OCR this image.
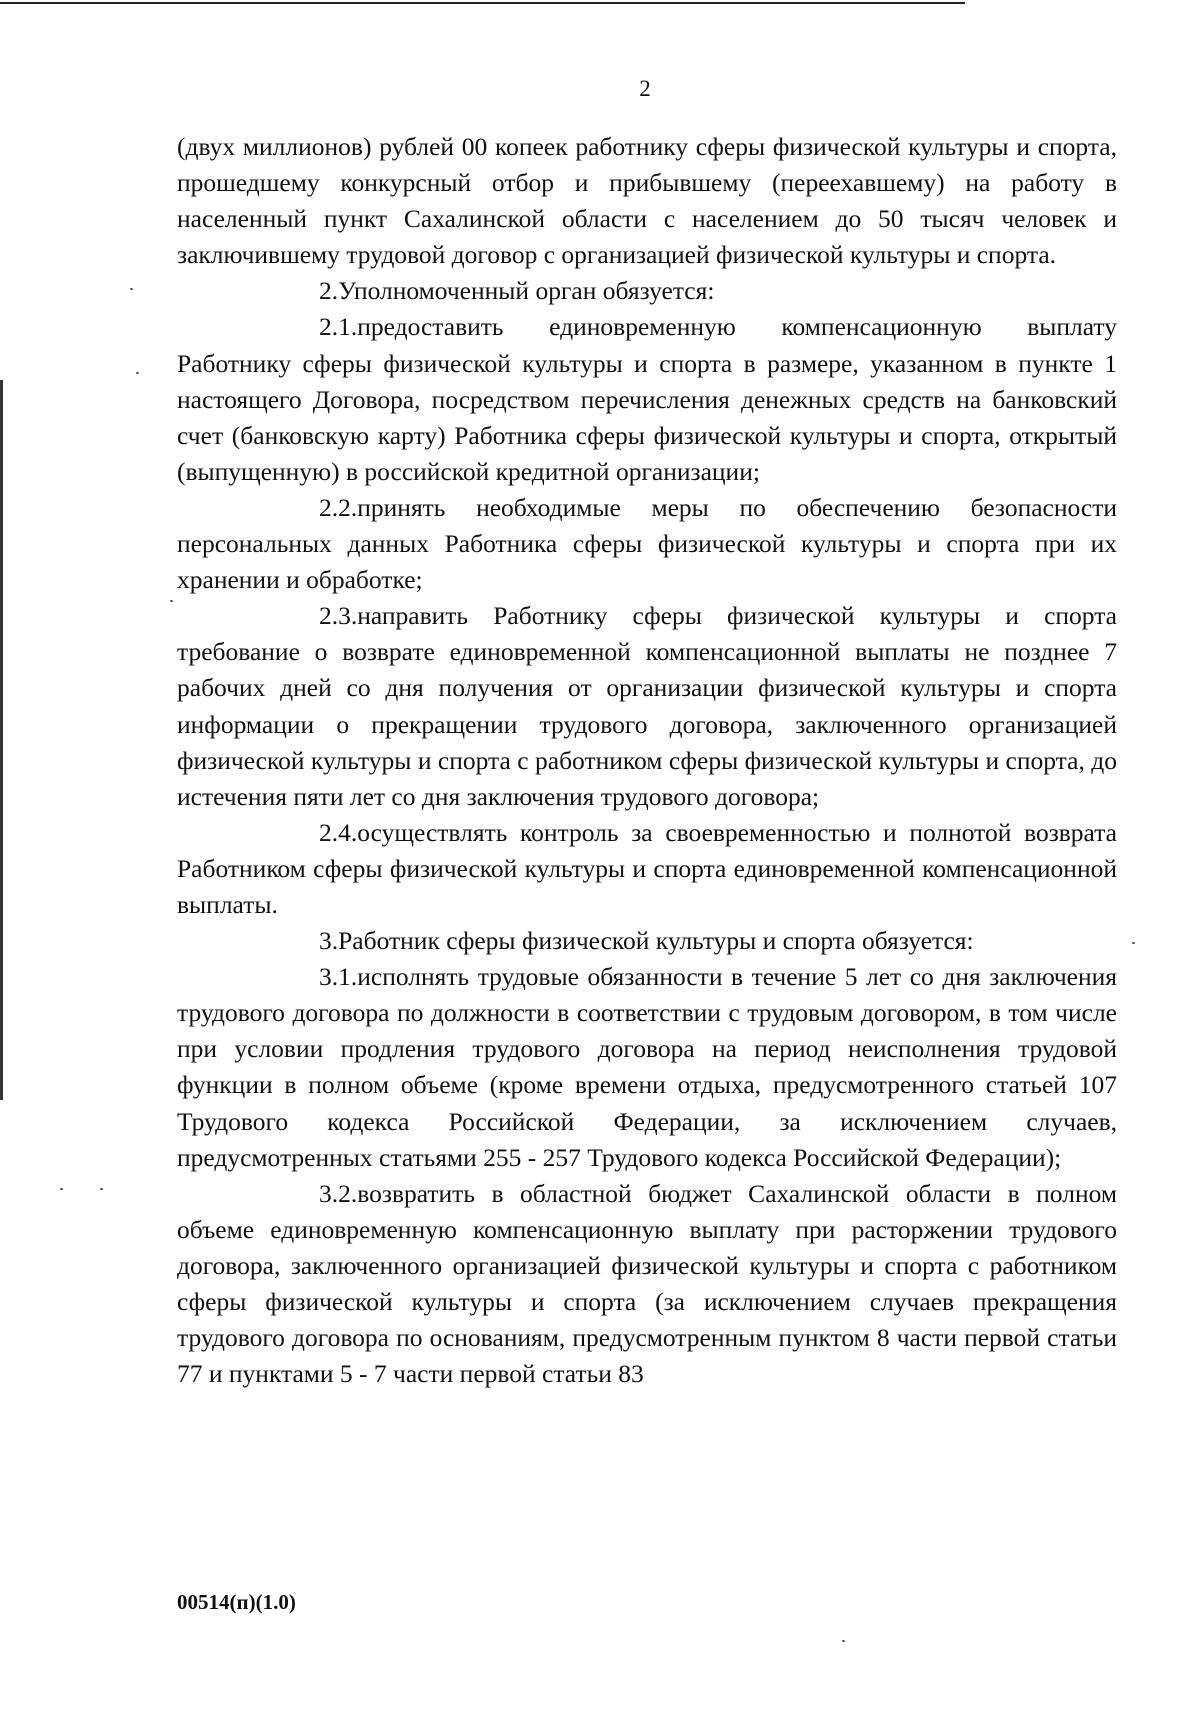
2

(двух миллионов) рублей 00 копеек работнику сферы физической культуры и спорта, прошедшему конкурсный отбор и прибывшему (переехавшему) на работу в населенный пункт Сахалинской области с населением до 50 тысяч человек и заключившему трудовой договор с организацией физической культуры и спорта.

2.Уполномоченный орган обязуется:

2.1.предоставить единовременную компенсационную выплату Работнику сферы физической культуры и спорта в размере, указанном в пункте 1 настоящего Договора, посредством перечисления денежных средств на банковский счет (банковскую карту) Работника сферы физической культуры и спорта, открытый (выпущенную) в российской кредитной организации;

2.2.принять необходимые меры по обеспечению безопасности персональных данных Работника сферы физической культуры и спорта при их хранении и обработке;

2.3.направить Работнику сферы физической культуры и спорта требование о возврате единовременной компенсационной выплаты не позднее 7 рабочих дней со дня получения от организации физической культуры и спорта информации о прекращении трудового договора, заключенного организацией физической культуры и спорта с работником сферы физической культуры и спорта, до истечения пяти лет со дня заключения трудового договора;

2.4.осуществлять контроль за своевременностью и полнотой возврата Работником сферы физической культуры и спорта единовременной компенсационной выплаты.

3.Работник сферы физической культуры и спорта обязуется:

3.1.исполнять трудовые обязанности в течение 5 лет со дня заключения трудового договора по должности в соответствии с трудовым договором, в том числе при условии продления трудового договора на период неисполнения трудовой функции в полном объеме (кроме времени отдыха, предусмотренного статьей 107 Трудового кодекса Российской Федерации, за исключением случаев, предусмотренных статьями 255 - 257 Трудового кодекса Российской Федерации);

3.2.возвратить в областной бюджет Сахалинской области в полном объеме единовременную компенсационную выплату при расторжении трудового договора, заключенного организацией физической культуры и спорта с работником сферы физической культуры и спорта (за исключением случаев прекращения трудового договора по основаниям, предусмотренным пунктом 8 части первой статьи 77 и пунктами 5 - 7 части первой статьи 83

00514(п)(1.0)
